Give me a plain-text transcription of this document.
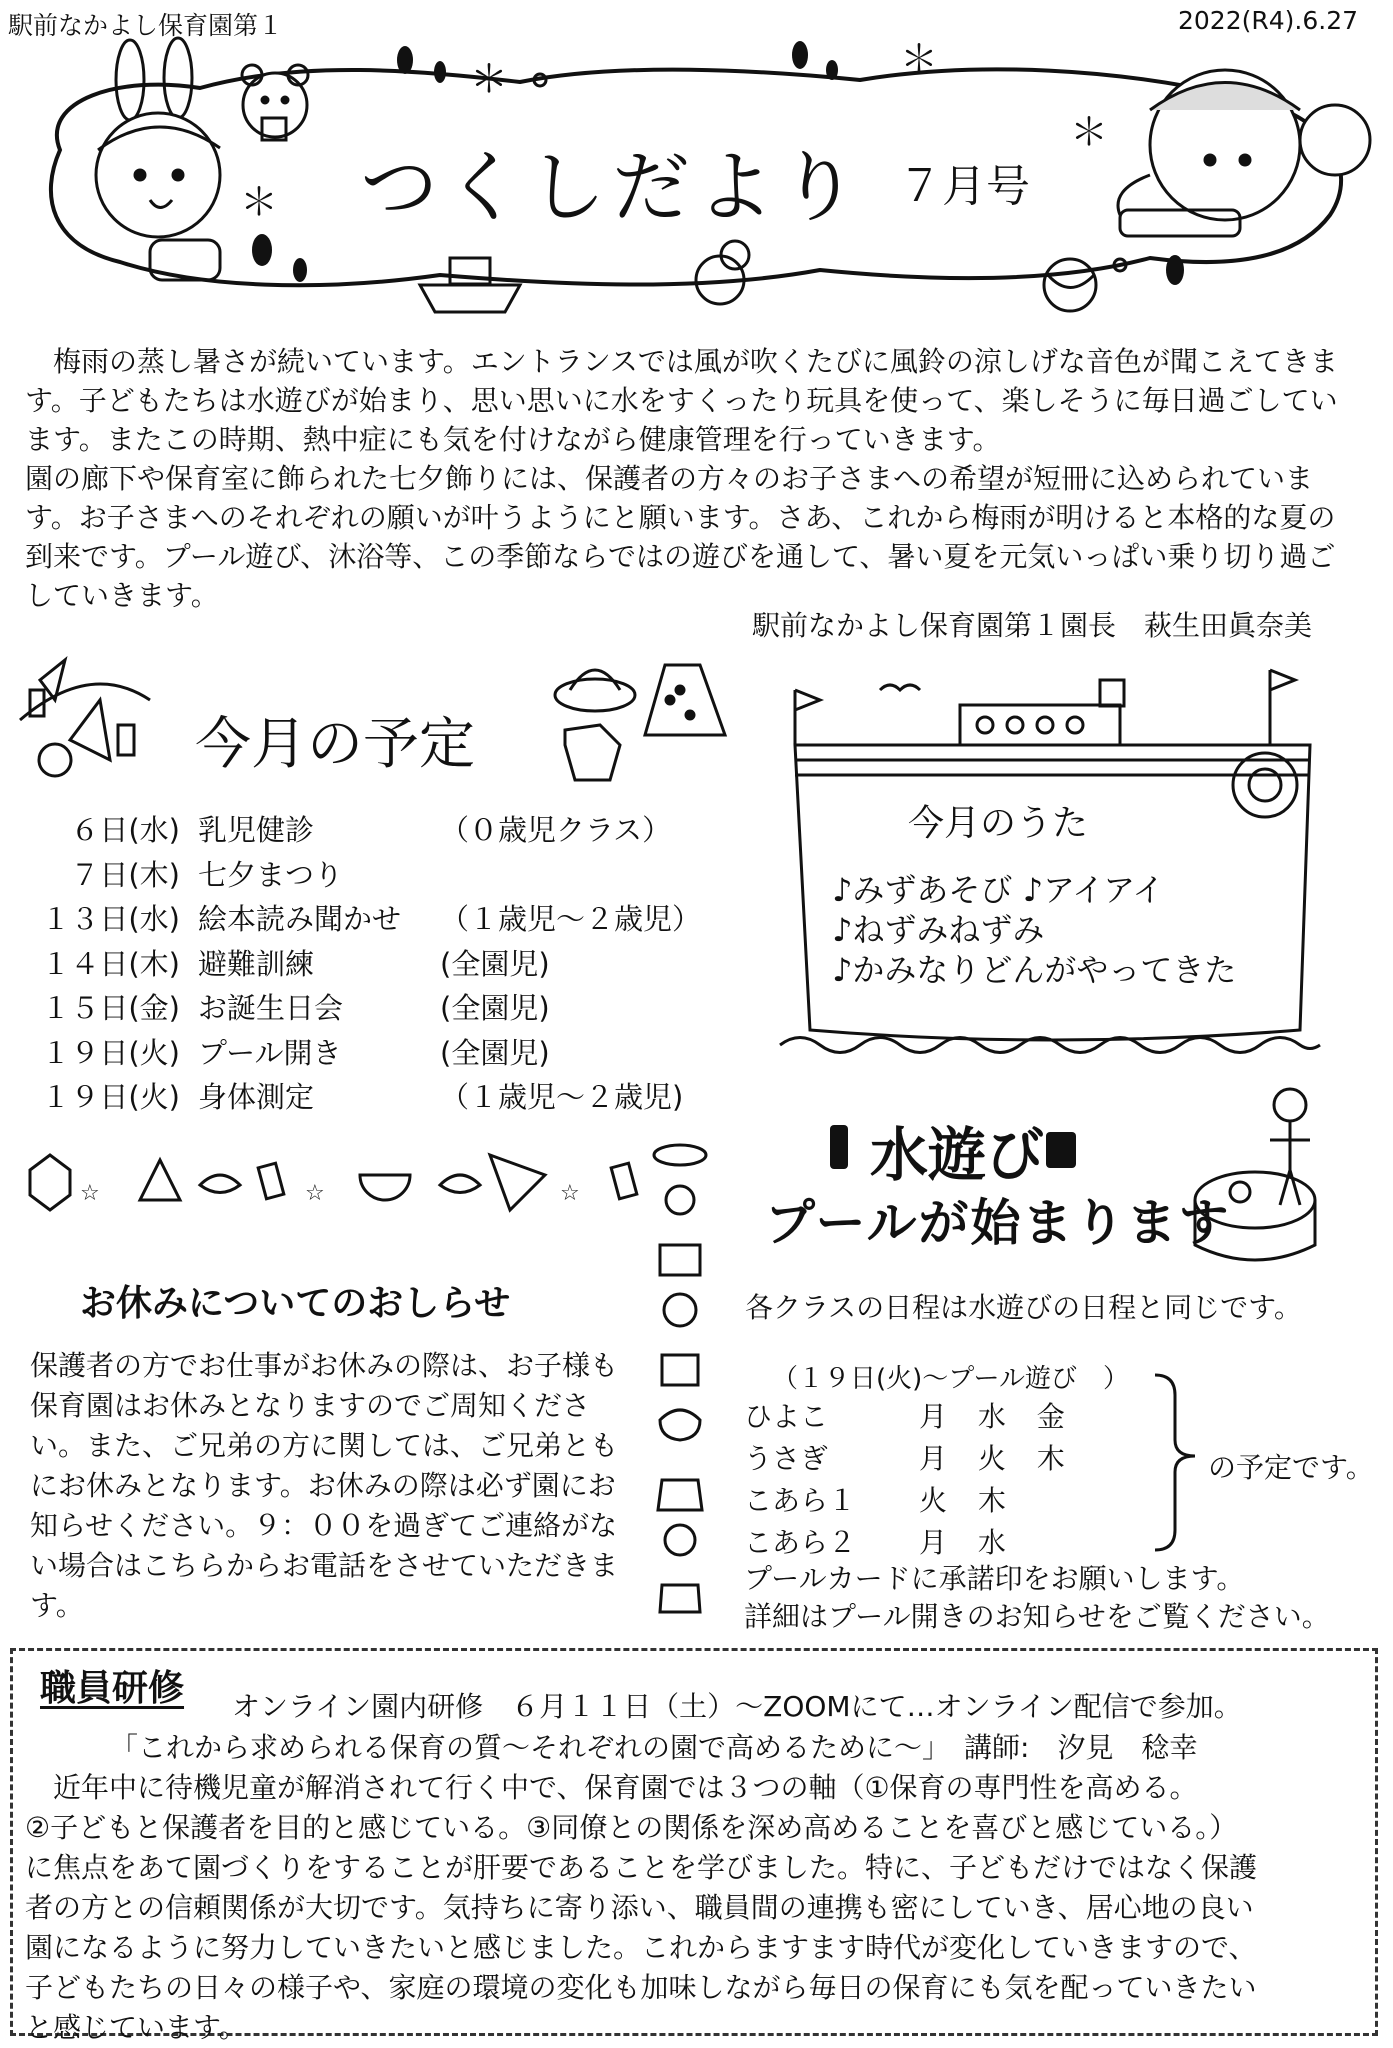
駅前なかよし保育園第１	2022(R4).6.27
＊	＊
＊
＊
☆	☆	☆
つくしだより ７月号

梅雨の蒸し暑さが続いています。エントランスでは風が吹くたびに風鈴の涼しげな音色が聞こえてきます。子どもたちは水遊びが始まり、思い思いに水をすくったり玩具を使って、楽しそうに毎日過ごしています。またこの時期、熱中症にも気を付けながら健康管理を行っていきます。

園の廊下や保育室に飾られた七夕飾りには、保護者の方々のお子さまへの希望が短冊に込められています。お子さまへのそれぞれの願いが叶うようにと願います。さあ、これから梅雨が明けると本格的な夏の到来です。プール遊び、沐浴等、この季節ならではの遊びを通して、暑い夏を元気いっぱい乗り切り過ごしていきます。

駅前なかよし保育園第１園長　萩生田眞奈美
今月の予定
６日(水) 乳児健診	（０歳児クラス）
７日(木) 七夕まつり
１３日(水) 絵本読み聞かせ （１歳児～２歳児）
１４日(木) 避難訓練	(全園児)
１５日(金) お誕生日会	(全園児)
１９日(火) プール開き	(全園児)
１９日(火) 身体測定	（１歳児～２歳児)
今月のうた
♪みずあそび ♪アイアイ
♪ねずみねずみ
♪かみなりどんがやってきた
水遊び
プールが始まります
お休みについてのおしらせ
保護者の方でお仕事がお休みの際は、お子様も保育園はお休みとなりますのでご周知ください。また、ご兄弟の方に関しては、ご兄弟ともにお休みとなります。お休みの際は必ず園にお知らせください。９：００を過ぎてご連絡がない場合はこちらからお電話をさせていただきます。
各クラスの日程は水遊びの日程と同じです。
（１９日(火)～プール遊び　）
ひよこ	月 水 金
うさぎ	月 火 木
こあら１ 火 木
こあら２ 月 水
の予定です。
プールカードに承諾印をお願いします。
詳細はプール開きのお知らせをご覧ください。
職員研修 オンライン園内研修　６月１１日（土）～ZOOMにて…オンライン配信で参加。
「これから求められる保育の質～それぞれの園で高めるために～」　講師:　汐見　稔幸

　近年中に待機児童が解消されて行く中で、保育園では３つの軸（①保育の専門性を高める。

②子どもと保護者を目的と感じている。③同僚との関係を深め高めることを喜びと感じている。）

に焦点をあて園づくりをすることが肝要であることを学びました。特に、子どもだけではなく保護

者の方との信頼関係が大切です。気持ちに寄り添い、職員間の連携も密にしていき、居心地の良い

園になるように努力していきたいと感じました。これからますます時代が変化していきますので、

子どもたちの日々の様子や、家庭の環境の変化も加味しながら毎日の保育にも気を配っていきたい

と感じています。
